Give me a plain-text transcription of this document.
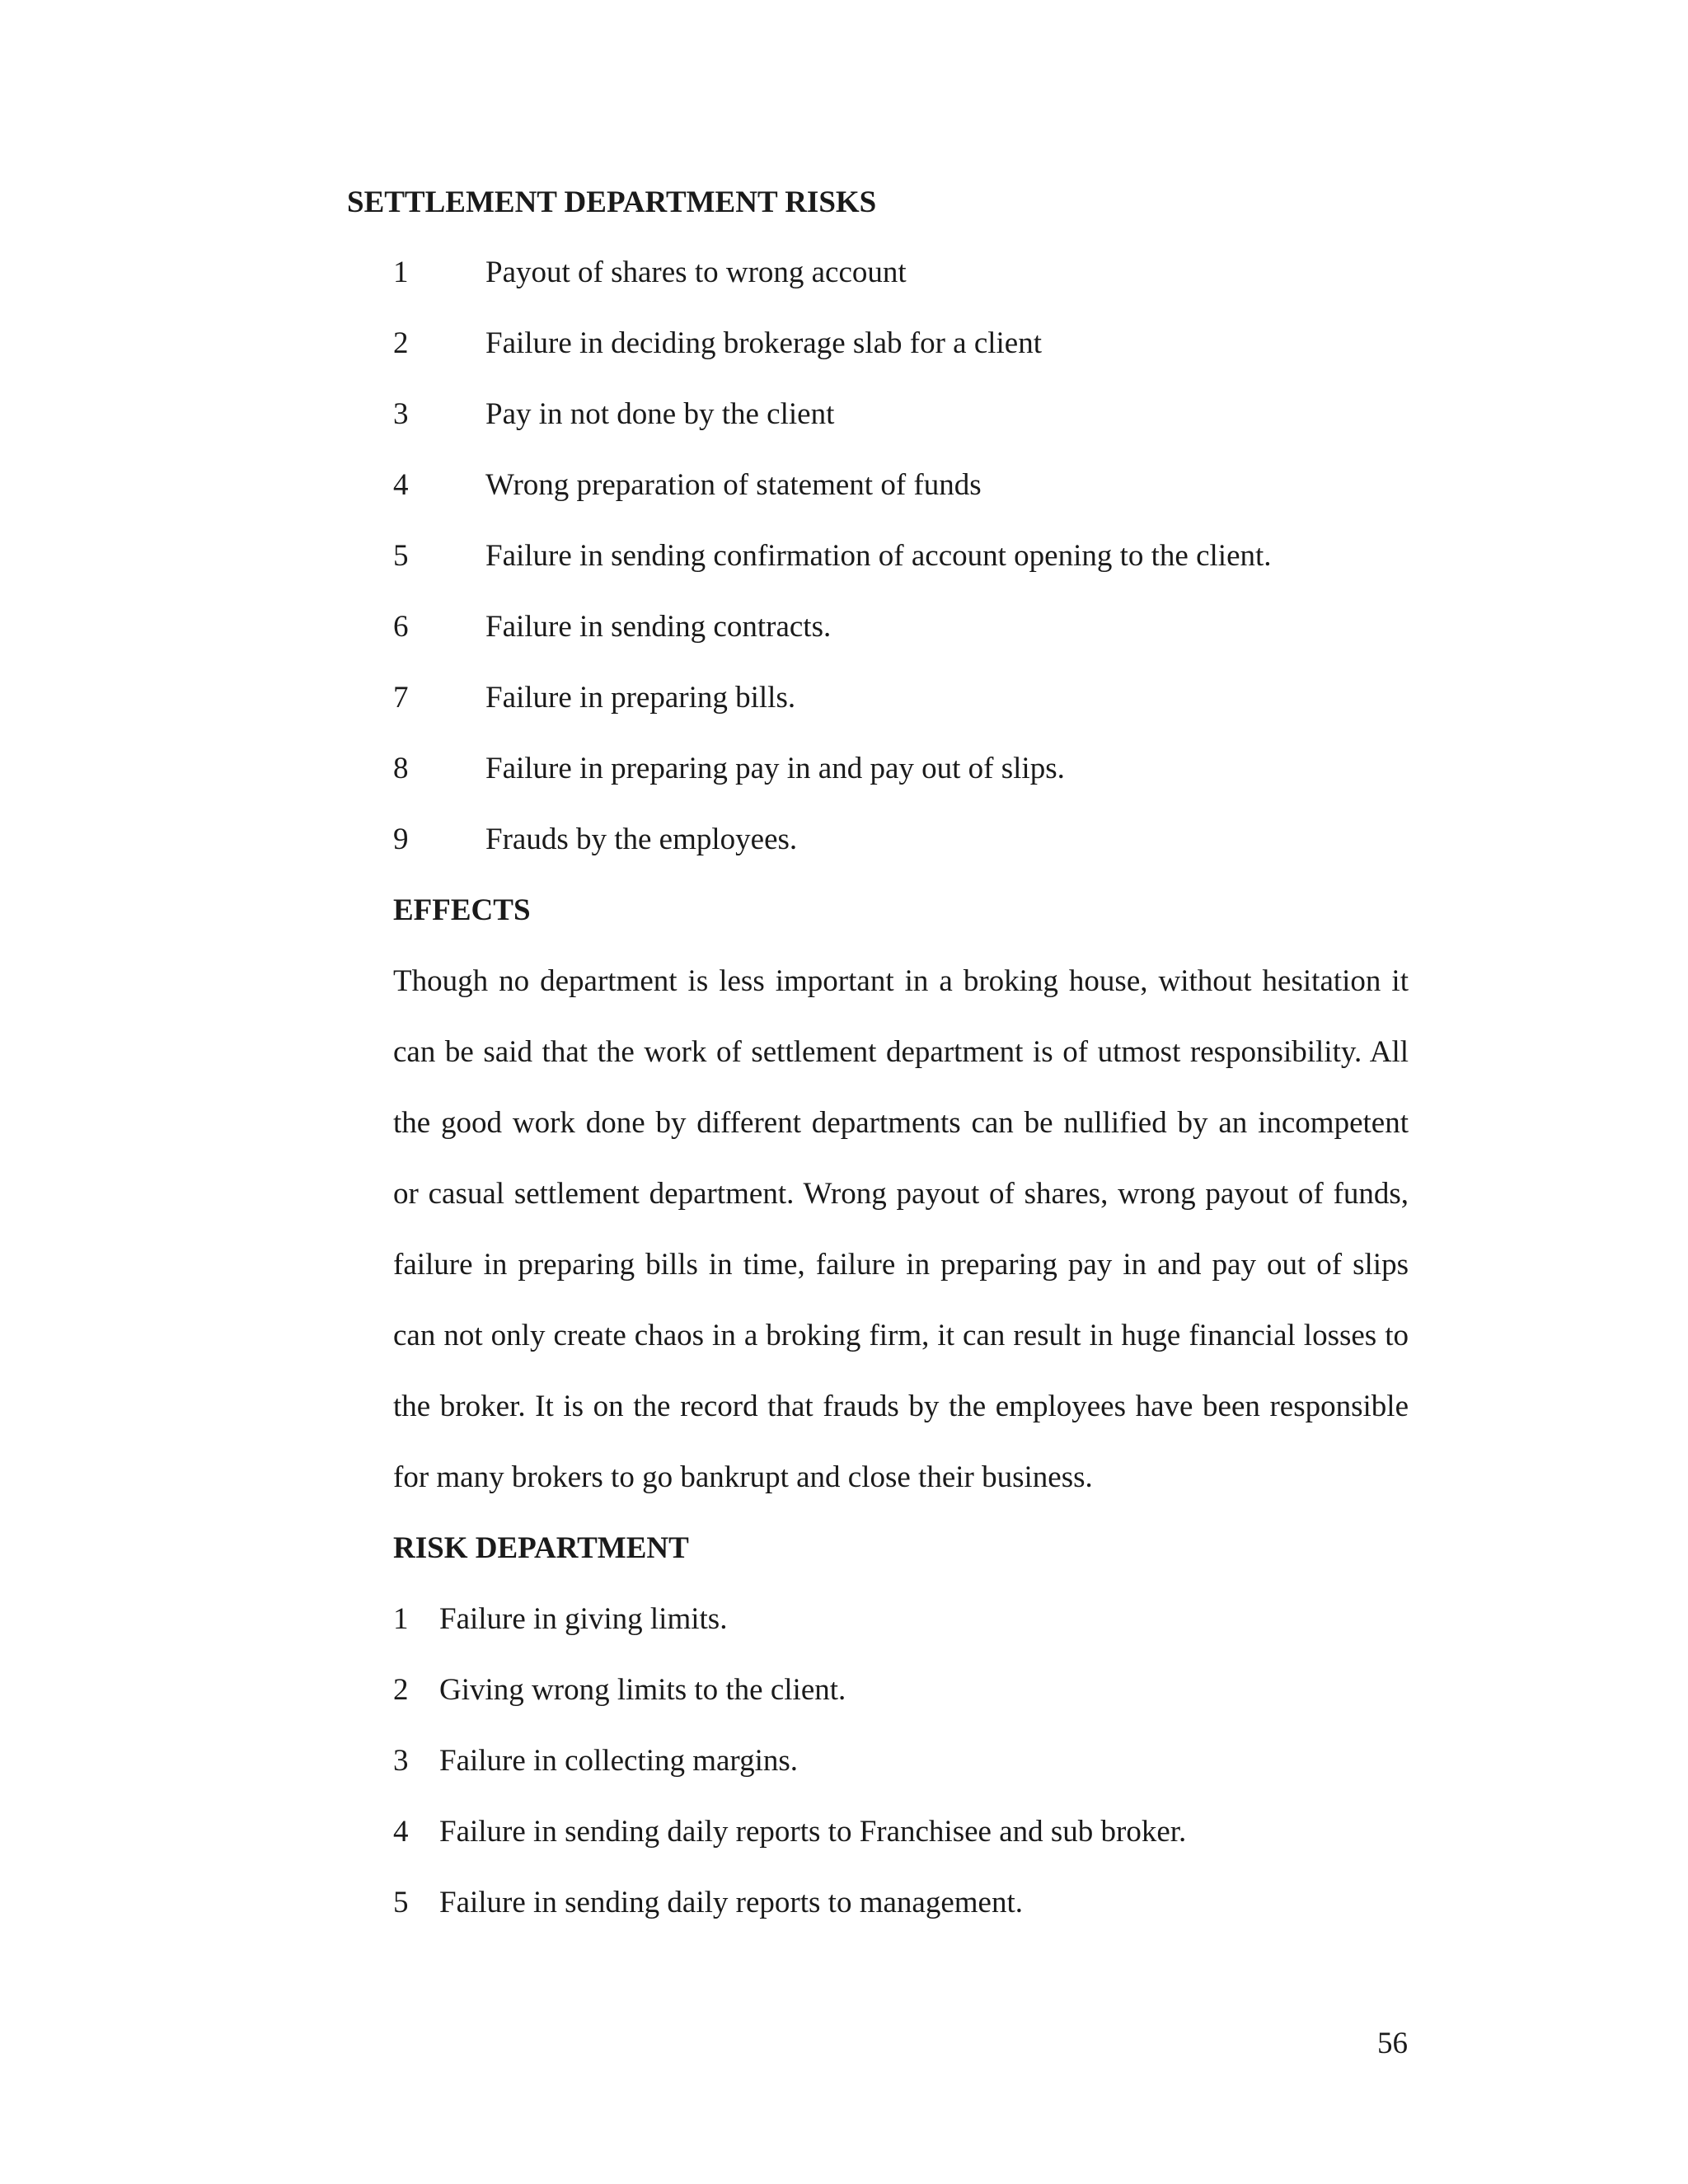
SETTLEMENT DEPARTMENT RISKS
1	Payout of shares to wrong account
2	Failure in deciding brokerage slab for a client
3	Pay in not done by the client
4	Wrong preparation of statement of funds
5	Failure in sending confirmation of account opening to the client.
6	Failure in sending contracts.
7	Failure in preparing bills.
8	Failure in preparing pay in and pay out of slips.
9	Frauds by the employees.
EFFECTS
Though no department is less important in a broking house, without hesitation it
can be said that the work of settlement department is of utmost responsibility. All
the good work done by different departments can be nullified by an incompetent
or casual settlement department. Wrong payout of shares, wrong payout of funds,
failure in preparing bills in time, failure in preparing pay in and pay out of slips
can not only create chaos in a broking firm, it can result in huge financial losses to
the broker. It is on the record that frauds by the employees have been responsible
for many brokers to go bankrupt and close their business.
RISK DEPARTMENT
1 Failure in giving limits.
2 Giving wrong limits to the client.
3 Failure in collecting margins.
4 Failure in sending daily reports to Franchisee and sub broker.
5 Failure in sending daily reports to management.
56
